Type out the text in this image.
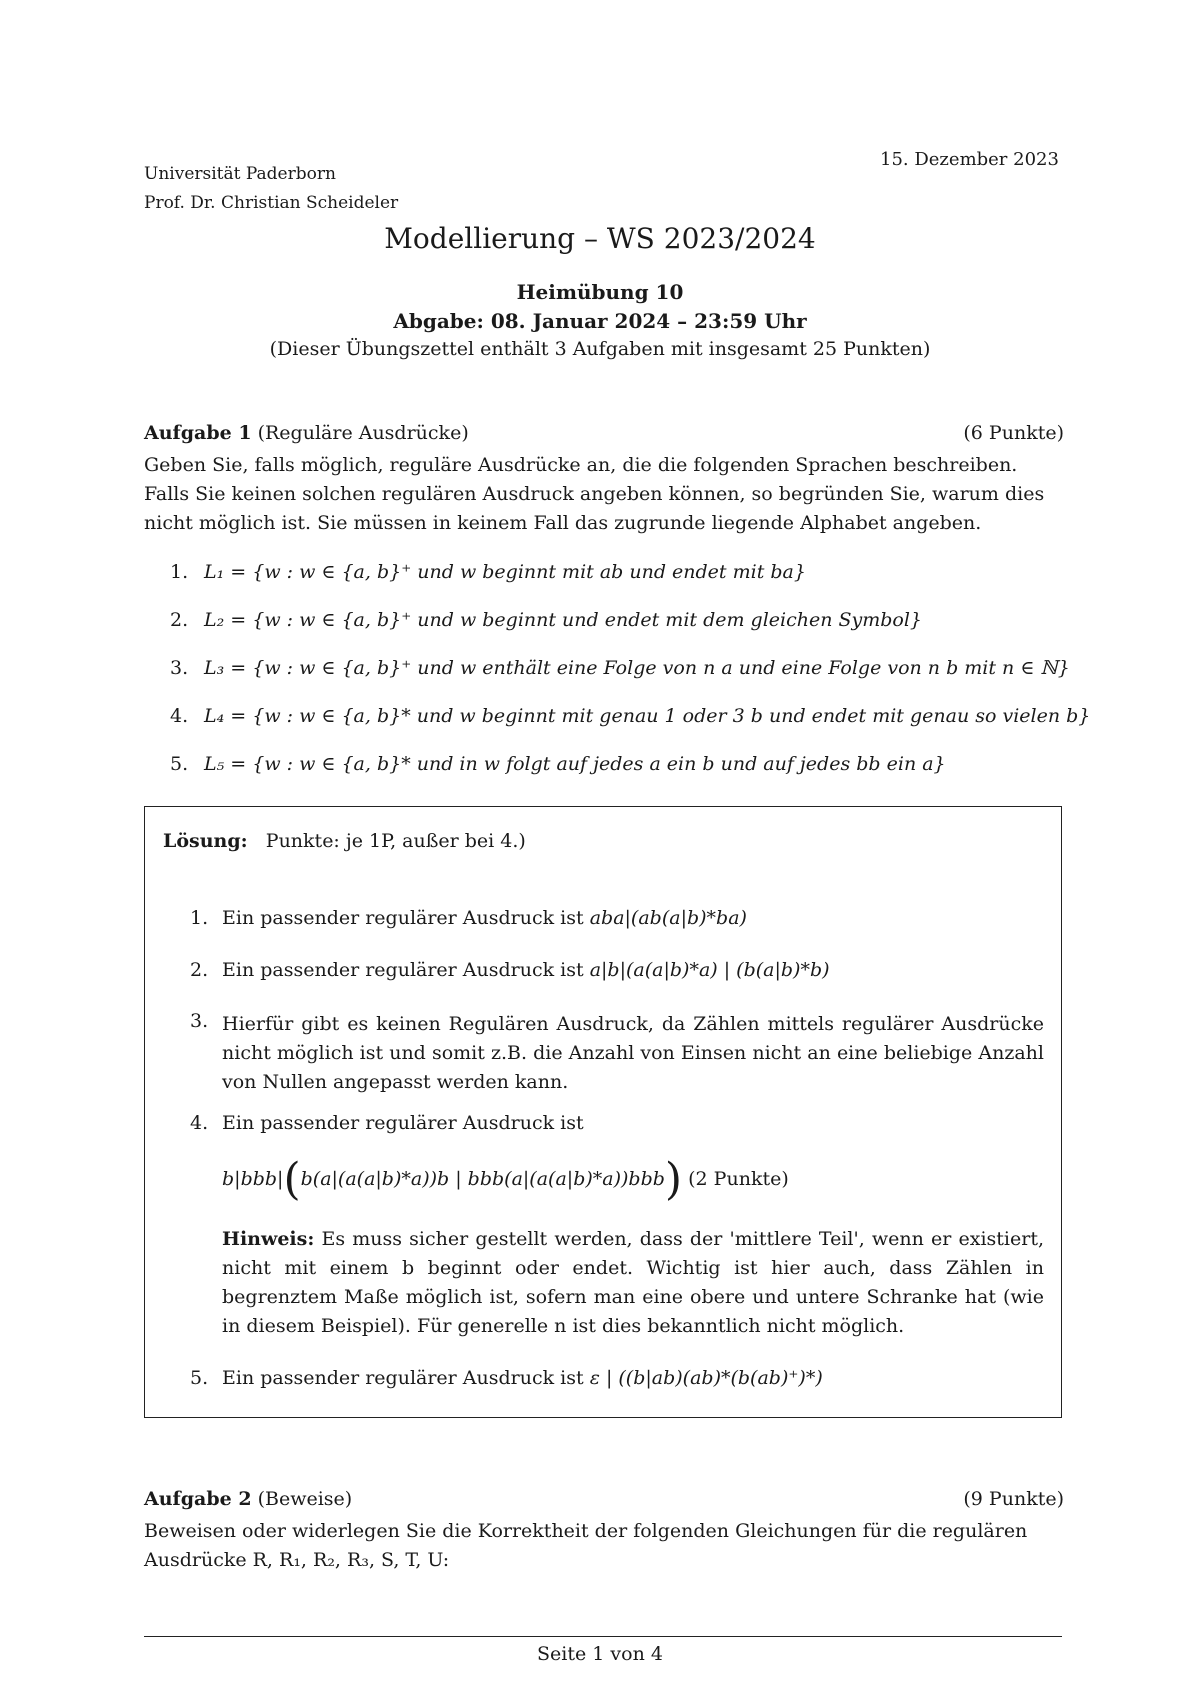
15. Dezember 2023
Universität Paderborn
Prof. Dr. Christian Scheideler
Modellierung – WS 2023/2024
Heimübung 10
Abgabe: 08. Januar 2024 – 23:59 Uhr
(Dieser Übungszettel enthält 3 Aufgaben mit insgesamt 25 Punkten)
Aufgabe 1 (Reguläre Ausdrücke)	(6 Punkte)
Geben Sie, falls möglich, reguläre Ausdrücke an, die die folgenden Sprachen beschreiben. Falls Sie keinen solchen regulären Ausdruck angeben können, so begründen Sie, warum dies nicht möglich ist. Sie müssen in keinem Fall das zugrunde liegende Alphabet angeben.
1. L₁ = {w : w ∈ {a, b}⁺ und w beginnt mit ab und endet mit ba}
2. L₂ = {w : w ∈ {a, b}⁺ und w beginnt und endet mit dem gleichen Symbol}
3. L₃ = {w : w ∈ {a, b}⁺ und w enthält eine Folge von n a und eine Folge von n b mit n ∈ ℕ}
4. L₄ = {w : w ∈ {a, b}* und w beginnt mit genau 1 oder 3 b und endet mit genau so vielen b}
5. L₅ = {w : w ∈ {a, b}* und in w folgt auf jedes a ein b und auf jedes bb ein a}
Lösung: Punkte: je 1P, außer bei 4.)
1. Ein passender regulärer Ausdruck ist aba|(ab(a|b)*ba)
2. Ein passender regulärer Ausdruck ist a|b|(a(a|b)*a) | (b(a|b)*b)
3. Hierfür gibt es keinen Regulären Ausdruck, da Zählen mittels regulärer Ausdrücke nicht möglich ist und somit z.B. die Anzahl von Einsen nicht an eine beliebige Anzahl von Nullen angepasst werden kann.
4. Ein passender regulärer Ausdruck ist
b|bbb|(b(a|(a(a|b)*a))b | bbb(a|(a(a|b)*a))bbb) (2 Punkte)
Hinweis: Es muss sicher gestellt werden, dass der 'mittlere Teil', wenn er existiert, nicht mit einem b beginnt oder endet. Wichtig ist hier auch, dass Zählen in begrenztem Maße möglich ist, sofern man eine obere und untere Schranke hat (wie in diesem Beispiel). Für generelle n ist dies bekanntlich nicht möglich.
5. Ein passender regulärer Ausdruck ist ε | ((b|ab)(ab)*(b(ab)⁺)*)
Aufgabe 2 (Beweise)	(9 Punkte)
Beweisen oder widerlegen Sie die Korrektheit der folgenden Gleichungen für die regulären Ausdrücke R, R₁, R₂, R₃, S, T, U:
Seite 1 von 4
